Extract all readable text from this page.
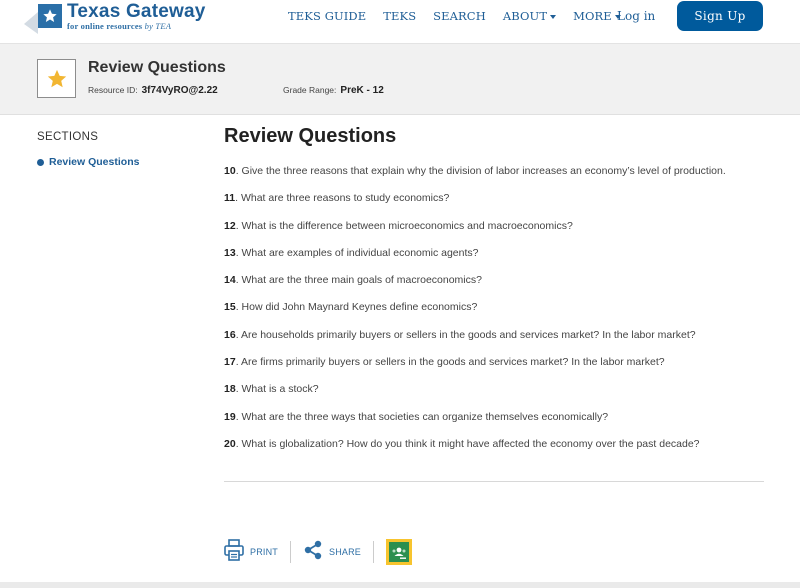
Texas Gateway
for online resources by TEA
TEKS GUIDE TEKS SEARCH ABOUT	MORE Log in	Sign Up
Review Questions
Resource ID: 3f74VyRO@2.22	Grade Range: PreK - 12
SECTIONS
Review Questions
Review Questions
10. Give the three reasons that explain why the division of labor increases an economy’s level of production.
11. What are three reasons to study economics?
12. What is the difference between microeconomics and macroeconomics?
13. What are examples of individual economic agents?
14. What are the three main goals of macroeconomics?
15. How did John Maynard Keynes define economics?
16. Are households primarily buyers or sellers in the goods and services market? In the labor market?
17. Are firms primarily buyers or sellers in the goods and services market? In the labor market?
18. What is a stock?
19. What are the three ways that societies can organize themselves economically?
20. What is globalization? How do you think it might have affected the economy over the past decade?
PRINT	SHARE
